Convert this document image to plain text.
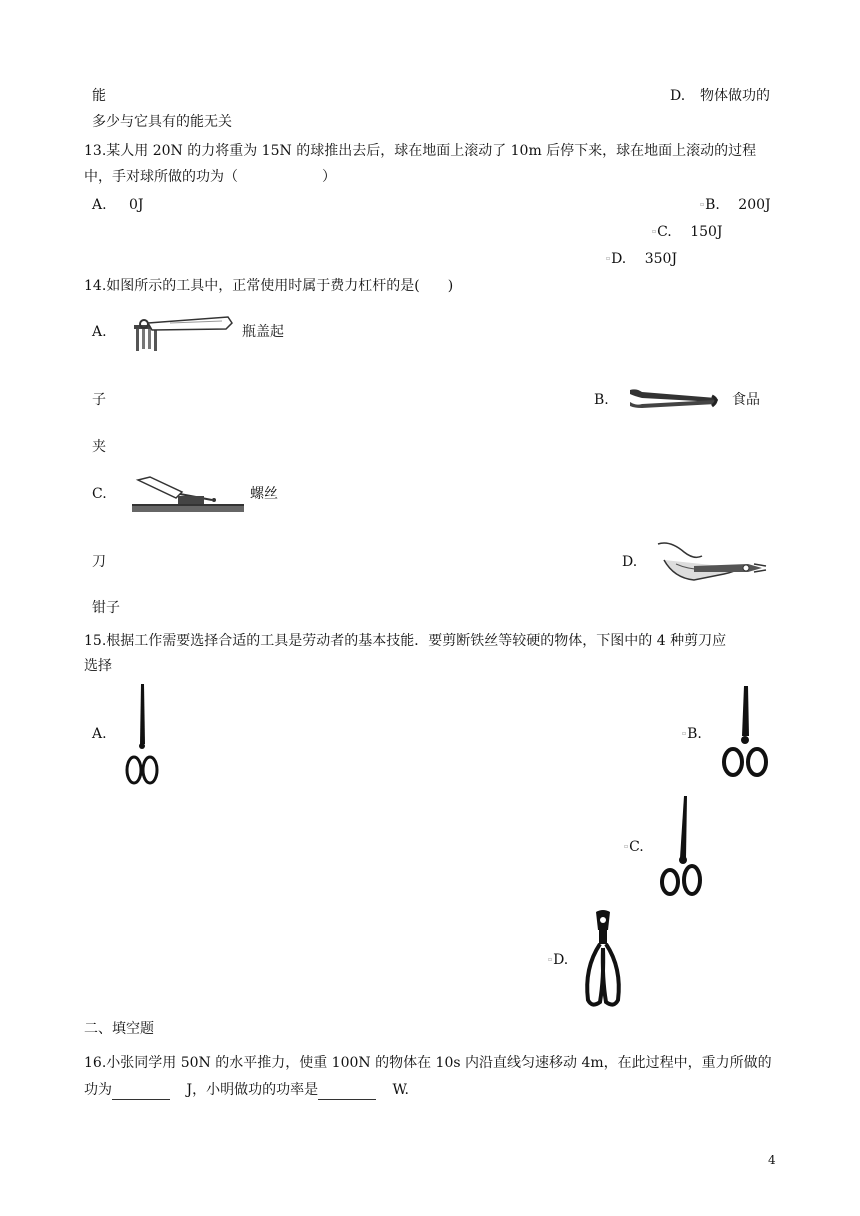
能	D. 物体做功的
多少与它具有的能无关
13.某人用 20N 的力将重为 15N 的球推出去后，球在地面上滚动了 10m 后停下来，球在地面上滚动的过程
中，手对球所做的功为（　　　　　　）
A. 0J	▫B. 200J
▫C. 150J
▫D. 350J
14.如图所示的工具中，正常使用时属于费力杠杆的是(　　)
A.	瓶盖起
子	B.	食品
夹
C.	螺丝
刀	D.
钳子
15.根据工作需要选择合适的工具是劳动者的基本技能．要剪断铁丝等较硬的物体，下图中的 4 种剪刀应
选择
A.	▫B.
▫C.
▫D.
二、填空题
16.小张同学用 50N 的水平推力，使重 100N 的物体在 10s 内沿直线匀速移动 4m，在此过程中，重力所做的
功为	J，小明做功的功率是	W.
4
